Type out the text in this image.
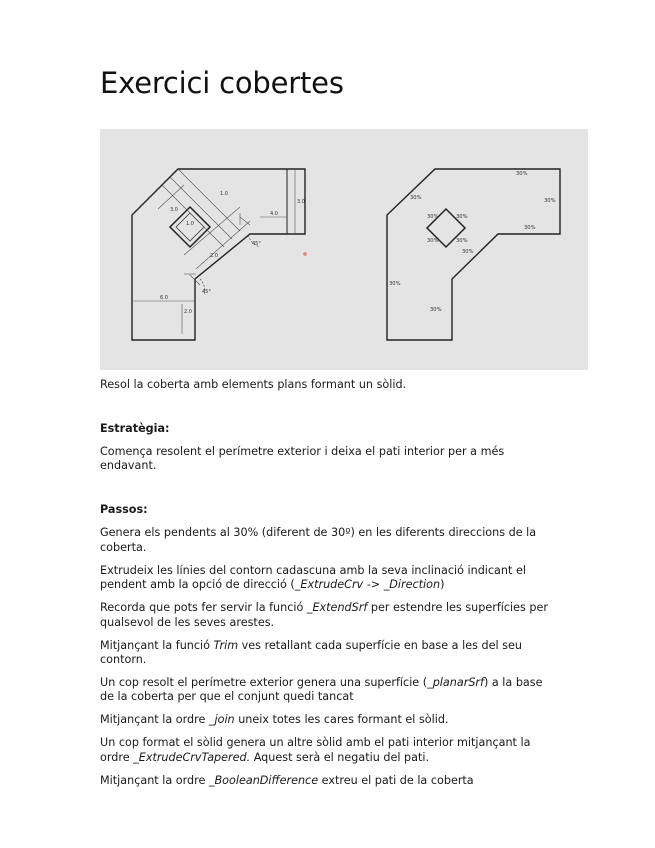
Exercici cobertes
1.0
3.0
1.0
2.0
4.0
6.0
3.0
2.0
45°
45°
30%
30%
30%
30%	30%
30%	30%
30%
30%
30%
30%

Resol la coberta amb elements plans formant un sòlid.

Estratègia:

Comença resolent el perímetre exterior i deixa el pati interior per a més endavant.

Passos:

Genera els pendents al 30% (diferent de 30º) en les diferents direccions de la coberta.

Extrudeix les línies del contorn cadascuna amb la seva inclinació indicant el pendent amb la opció de direcció (_ExtrudeCrv -> _Direction)

Recorda que pots fer servir la funció _ExtendSrf per estendre les superfícies per qualsevol de les seves arestes.

Mitjançant la funció Trim ves retallant cada superfície en base a les del seu contorn.

Un cop resolt el perímetre exterior genera una superfície (_planarSrf) a la base de la coberta per que el conjunt quedi tancat

Mitjançant la ordre _join uneix totes les cares formant el sòlid.

Un cop format el sòlid genera un altre sòlid amb el pati interior mitjançant la ordre _ExtrudeCrvTapered. Aquest serà el negatiu del pati.

Mitjançant la ordre _BooleanDifference extreu el pati de la coberta
